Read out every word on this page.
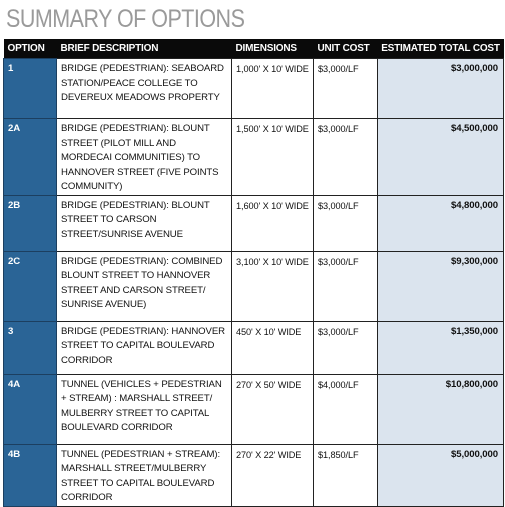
SUMMARY OF OPTIONS
OPTION	BRIEF DESCRIPTION	DIMENSIONS	UNIT COST	ESTIMATED TOTAL COST
1	BRIDGE (PEDESTRIAN): SEABOARD STATION/PEACE COLLEGE TO DEVEREUX MEADOWS PROPERTY	1,000' X 10' WIDE	$3,000/LF	$3,000,000
2A	BRIDGE (PEDESTRIAN): BLOUNT STREET (PILOT MILL AND MORDECAI COMMUNITIES) TO HANNOVER STREET (FIVE POINTS COMMUNITY)	1,500' X 10' WIDE	$3,000/LF	$4,500,000
2B	BRIDGE (PEDESTRIAN): BLOUNT STREET TO CARSON STREET/SUNRISE AVENUE	1,600' X 10' WIDE	$3,000/LF	$4,800,000
2C	BRIDGE (PEDESTRIAN): COMBINED BLOUNT STREET TO HANNOVER STREET AND CARSON STREET/ SUNRISE AVENUE)	3,100' X 10' WIDE	$3,000/LF	$9,300,000
3	BRIDGE (PEDESTRIAN): HANNOVER STREET TO CAPITAL BOULEVARD CORRIDOR	450' X 10' WIDE	$3,000/LF	$1,350,000
4A	TUNNEL (VEHICLES + PEDESTRIAN + STREAM) : MARSHALL STREET/ MULBERRY STREET TO CAPITAL BOULEVARD CORRIDOR	270' X 50' WIDE	$4,000/LF	$10,800,000
4B	TUNNEL (PEDESTRIAN + STREAM): MARSHALL STREET/MULBERRY STREET TO CAPITAL BOULEVARD CORRIDOR	270' X 22' WIDE	$1,850/LF	$5,000,000
